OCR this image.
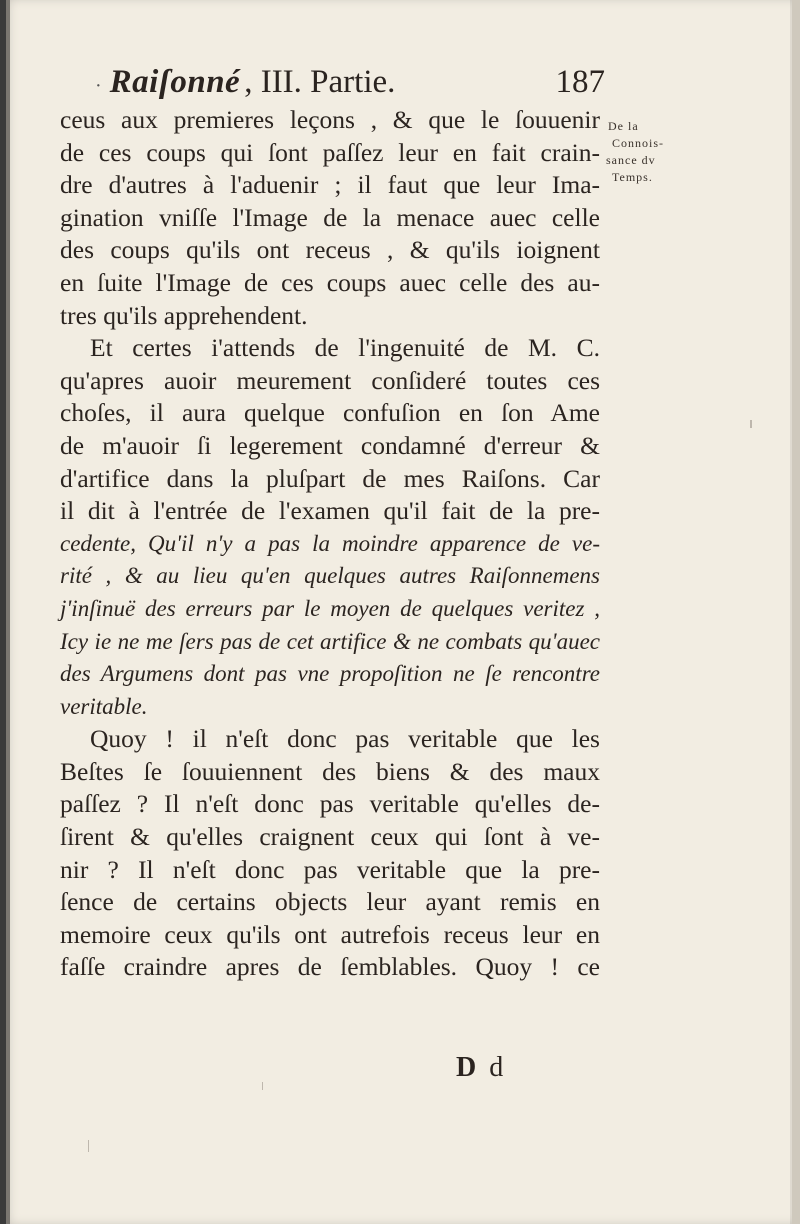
· Raiſonné , III. Partie.	187
De la
Connois-
sance dv
Temps.
ceus aux premieres leçons , & que le ſouuenir
de ces coups qui ſont paſſez leur en fait crain-
dre d'autres à l'aduenir ; il faut que leur Ima-
gination vniſſe l'Image de la menace auec celle
des coups qu'ils ont receus , & qu'ils ioignent
en ſuite l'Image de ces coups auec celle des au-
tres qu'ils apprehendent.
Et certes i'attends de l'ingenuité de M. C.
qu'apres auoir meurement conſideré toutes ces
choſes, il aura quelque confuſion en ſon Ame
de m'auoir ſi legerement condamné d'erreur &
d'artifice dans la pluſpart de mes Raiſons. Car
il dit à l'entrée de l'examen qu'il fait de la pre-
cedente, Qu'il n'y a pas la moindre apparence de ve-
rité , & au lieu qu'en quelques autres Raiſonnemens
j'inſinuë des erreurs par le moyen de quelques veritez ,
Icy ie ne me ſers pas de cet artifice & ne combats qu'auec
des Argumens dont pas vne propoſition ne ſe rencontre
veritable.
Quoy ! il n'eſt donc pas veritable que les
Beſtes ſe ſouuiennent des biens & des maux
paſſez ? Il n'eſt donc pas veritable qu'elles de-
ſirent & qu'elles craignent ceux qui ſont à ve-
nir ? Il n'eſt donc pas veritable que la pre-
ſence de certains objects leur ayant remis en
memoire ceux qu'ils ont autrefois receus leur en
faſſe craindre apres de ſemblables. Quoy ! ce
D d
